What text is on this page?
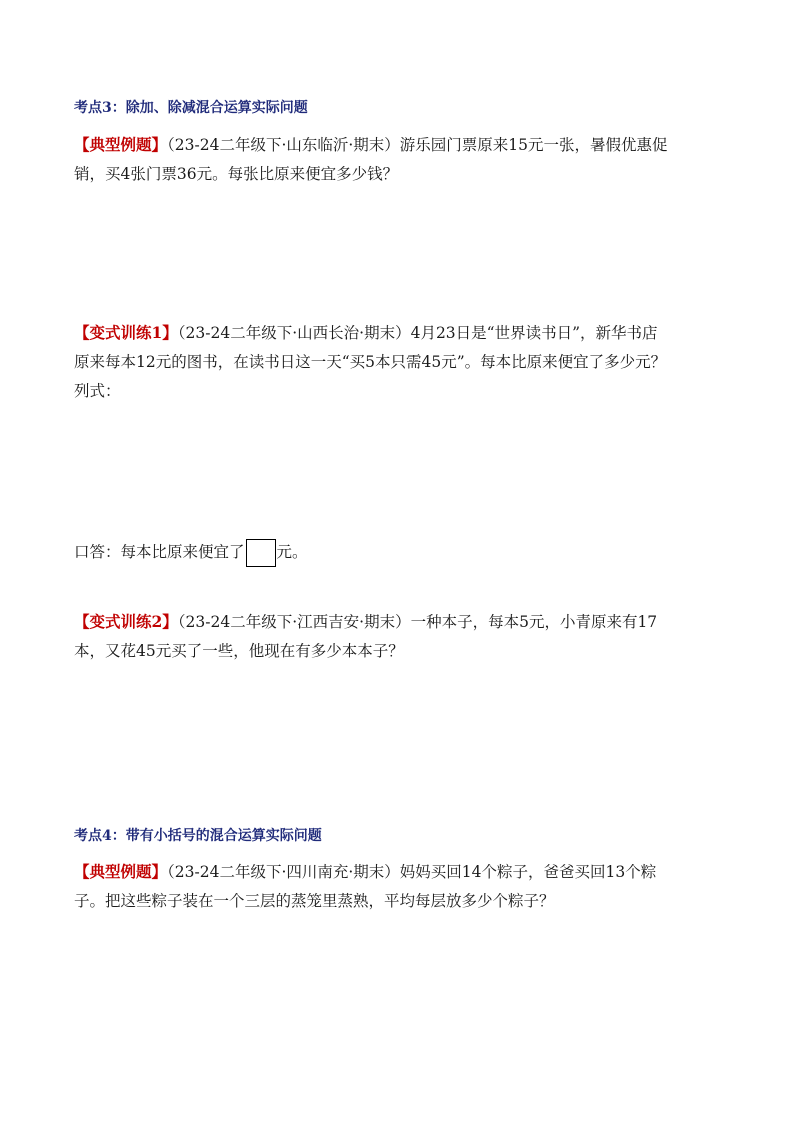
考点3：除加、除减混合运算实际问题
【典型例题】（23-24二年级下·山东临沂·期末）游乐园门票原来15元一张，暑假优惠促
销，买4张门票36元。每张比原来便宜多少钱？
【变式训练1】（23-24二年级下·山西长治·期末）4月23日是“世界读书日”，新华书店
原来每本12元的图书，在读书日这一天“买5本只需45元”。每本比原来便宜了多少元？
列式：
口答：每本比原来便宜了 元。
【变式训练2】（23-24二年级下·江西吉安·期末）一种本子，每本5元，小青原来有17
本，又花45元买了一些，他现在有多少本本子？
考点4：带有小括号的混合运算实际问题
【典型例题】（23-24二年级下·四川南充·期末）妈妈买回14个粽子，爸爸买回13个粽
子。把这些粽子装在一个三层的蒸笼里蒸熟，平均每层放多少个粽子？
